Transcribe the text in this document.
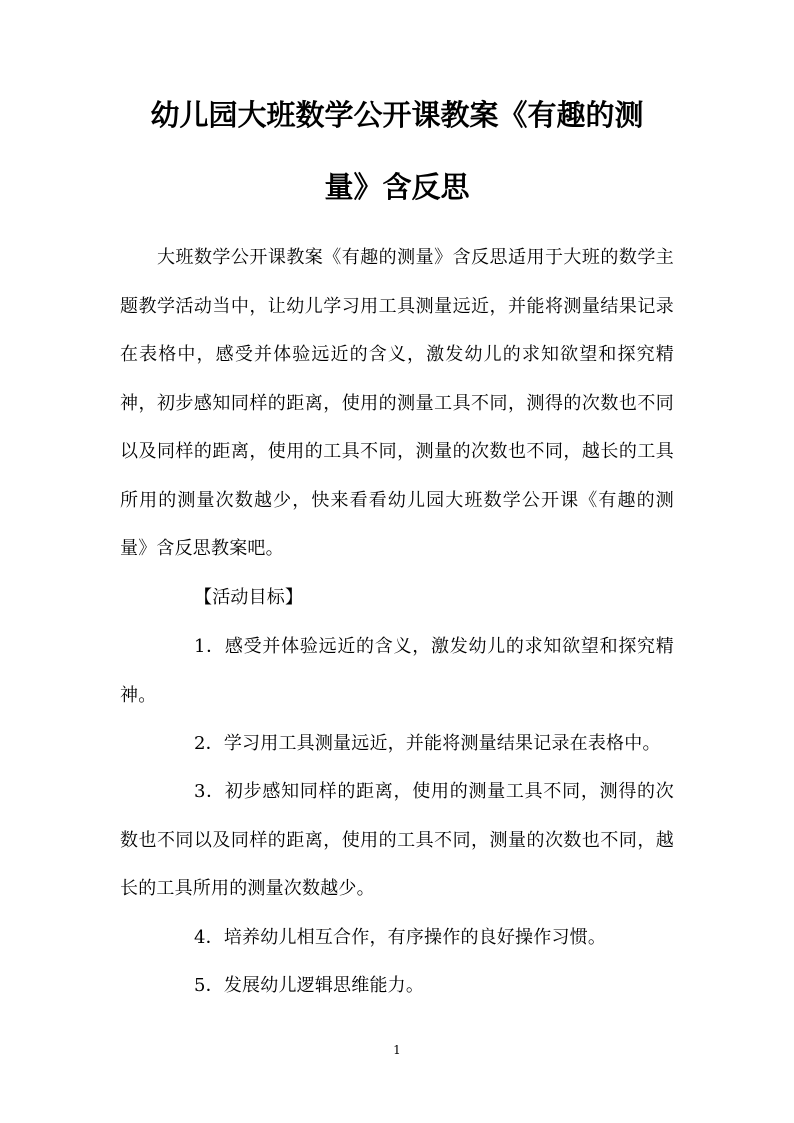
幼儿园大班数学公开课教案《有趣的测
量》含反思

大班数学公开课教案《有趣的测量》含反思适用于大班的数学主题教学活动当中，让幼儿学习用工具测量远近，并能将测量结果记录在表格中，感受并体验远近的含义，激发幼儿的求知欲望和探究精神，初步感知同样的距离，使用的测量工具不同，测得的次数也不同以及同样的距离，使用的工具不同，测量的次数也不同，越长的工具所用的测量次数越少，快来看看幼儿园大班数学公开课《有趣的测量》含反思教案吧。

【活动目标】

1．感受并体验远近的含义，激发幼儿的求知欲望和探究精神。

2．学习用工具测量远近，并能将测量结果记录在表格中。

3．初步感知同样的距离，使用的测量工具不同，测得的次数也不同以及同样的距离，使用的工具不同，测量的次数也不同，越长的工具所用的测量次数越少。

4．培养幼儿相互合作，有序操作的良好操作习惯。

5．发展幼儿逻辑思维能力。

1
